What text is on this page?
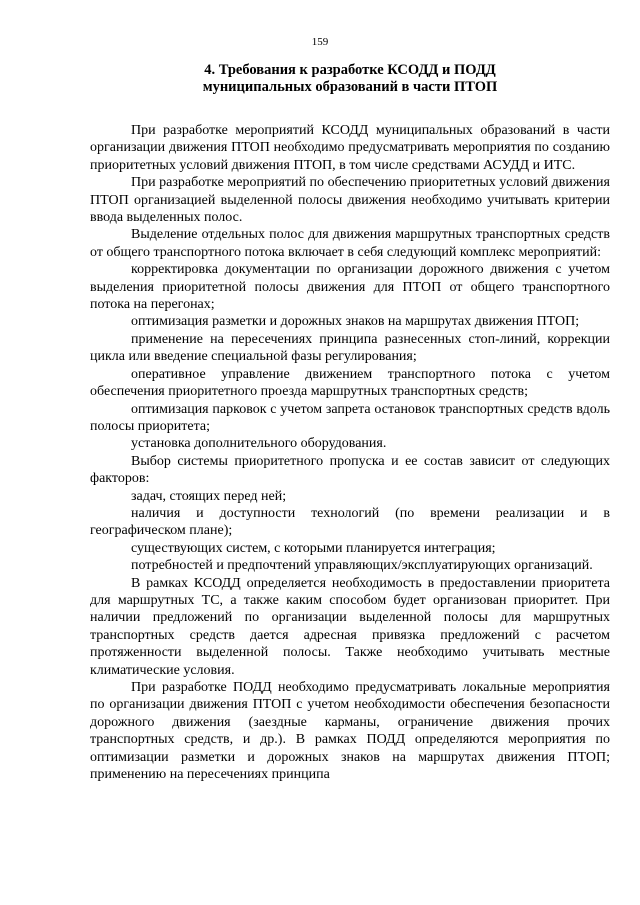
159
4. Требования к разработке КСОДД и ПОДД
муниципальных образований в части ПТОП

При разработке мероприятий КСОДД муниципальных образований в части организации движения ПТОП необходимо предусматривать мероприятия по созданию приоритетных условий движения ПТОП, в том числе средствами АСУДД и ИТС.

При разработке мероприятий по обеспечению приоритетных условий движения ПТОП организацией выделенной полосы движения необходимо учитывать критерии ввода выделенных полос.

Выделение отдельных полос для движения маршрутных транспортных средств от общего транспортного потока включает в себя следующий комплекс мероприятий:

корректировка документации по организации дорожного движения с учетом выделения приоритетной полосы движения для ПТОП от общего транспортного потока на перегонах;

оптимизация разметки и дорожных знаков на маршрутах движения ПТОП;

применение на пересечениях принципа разнесенных стоп-линий, коррекции цикла или введение специальной фазы регулирования;

оперативное управление движением транспортного потока с учетом обеспечения приоритетного проезда маршрутных транспортных средств;

оптимизация парковок с учетом запрета остановок транспортных средств вдоль полосы приоритета;

установка дополнительного оборудования.

Выбор системы приоритетного пропуска и ее состав зависит от следующих факторов:

задач, стоящих перед ней;

наличия и доступности технологий (по времени реализации и в географическом плане);

существующих систем, с которыми планируется интеграция;

потребностей и предпочтений управляющих/эксплуатирующих организаций.

В рамках КСОДД определяется необходимость в предоставлении приоритета для маршрутных ТС, а также каким способом будет организован приоритет. При наличии предложений по организации выделенной полосы для маршрутных транспортных средств дается адресная привязка предложений с расчетом протяженности выделенной полосы. Также необходимо учитывать местные климатические условия.

При разработке ПОДД необходимо предусматривать локальные мероприятия по организации движения ПТОП с учетом необходимости обеспечения безопасности дорожного движения (заездные карманы, ограничение движения прочих транспортных средств, и др.). В рамках ПОДД определяются мероприятия по оптимизации разметки и дорожных знаков на маршрутах движения ПТОП; применению на пересечениях принципа
